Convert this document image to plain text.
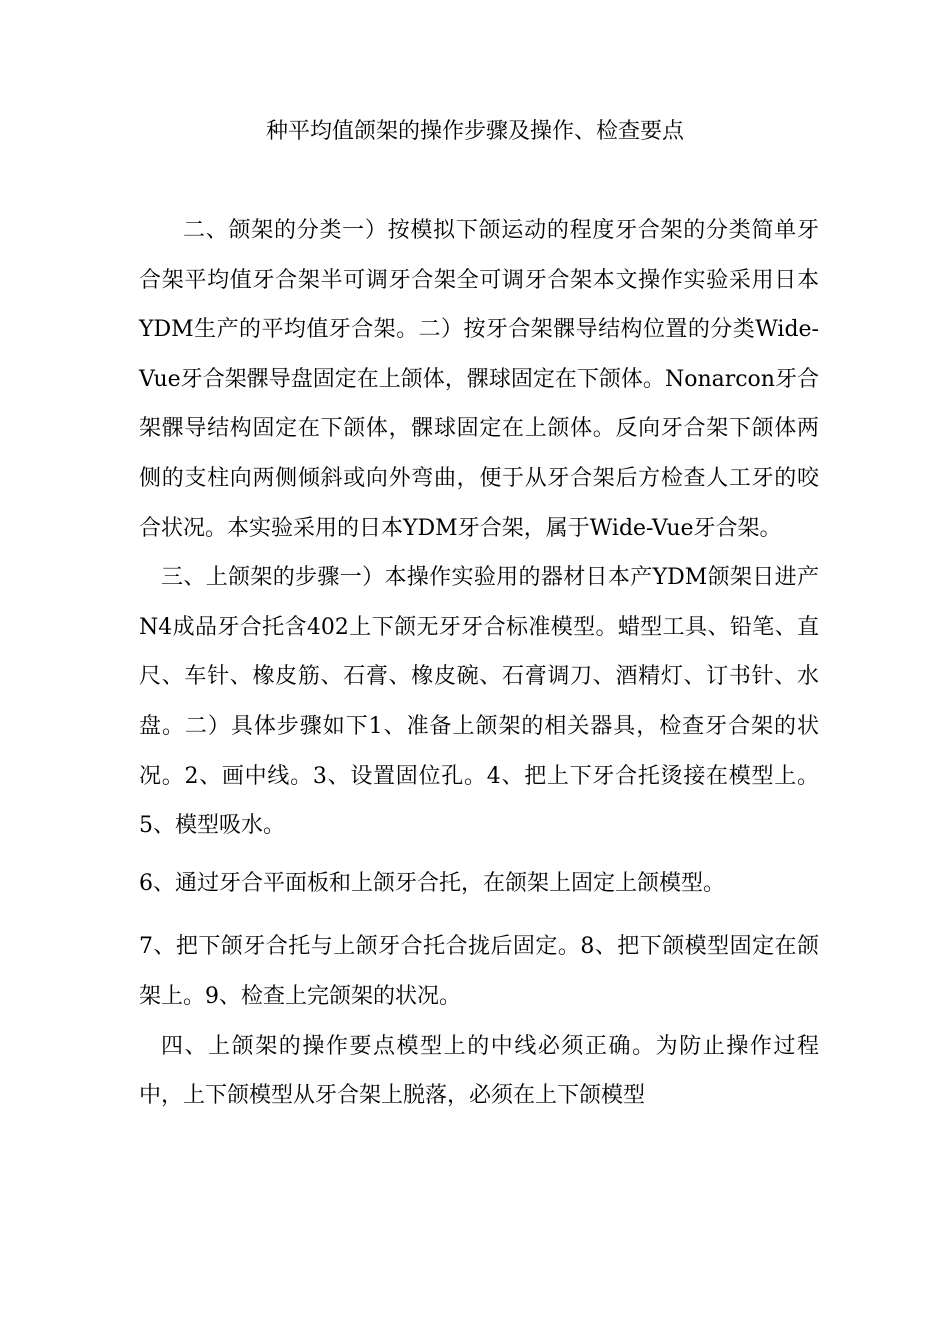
种平均值颌架的操作步骤及操作、检查要点

二、颌架的分类一）按模拟下颌运动的程度牙合架的分类简单牙合架平均值牙合架半可调牙合架全可调牙合架本文操作实验采用日本YDM生产的平均值牙合架。二）按牙合架髁导结构位置的分类Wide-Vue牙合架髁导盘固定在上颌体，髁球固定在下颌体。Nonarcon牙合架髁导结构固定在下颌体，髁球固定在上颌体。反向牙合架下颌体两侧的支柱向两侧倾斜或向外弯曲，便于从牙合架后方检查人工牙的咬合状况。本实验采用的日本YDM牙合架，属于Wide-Vue牙合架。

三、上颌架的步骤一）本操作实验用的器材日本产YDM颌架日进产N4成品牙合托含402上下颌无牙牙合标准模型。蜡型工具、铅笔、直尺、车针、橡皮筋、石膏、橡皮碗、石膏调刀、酒精灯、订书针、水盘。二）具体步骤如下1、准备上颌架的相关器具，检查牙合架的状况。2、画中线。3、设置固位孔。4、把上下牙合托烫接在模型上。5、模型吸水。

6、通过牙合平面板和上颌牙合托，在颌架上固定上颌模型。

7、把下颌牙合托与上颌牙合托合拢后固定。8、把下颌模型固定在颌架上。9、检查上完颌架的状况。

四、上颌架的操作要点模型上的中线必须正确。为防止操作过程中，上下颌模型从牙合架上脱落，必须在上下颌模型
